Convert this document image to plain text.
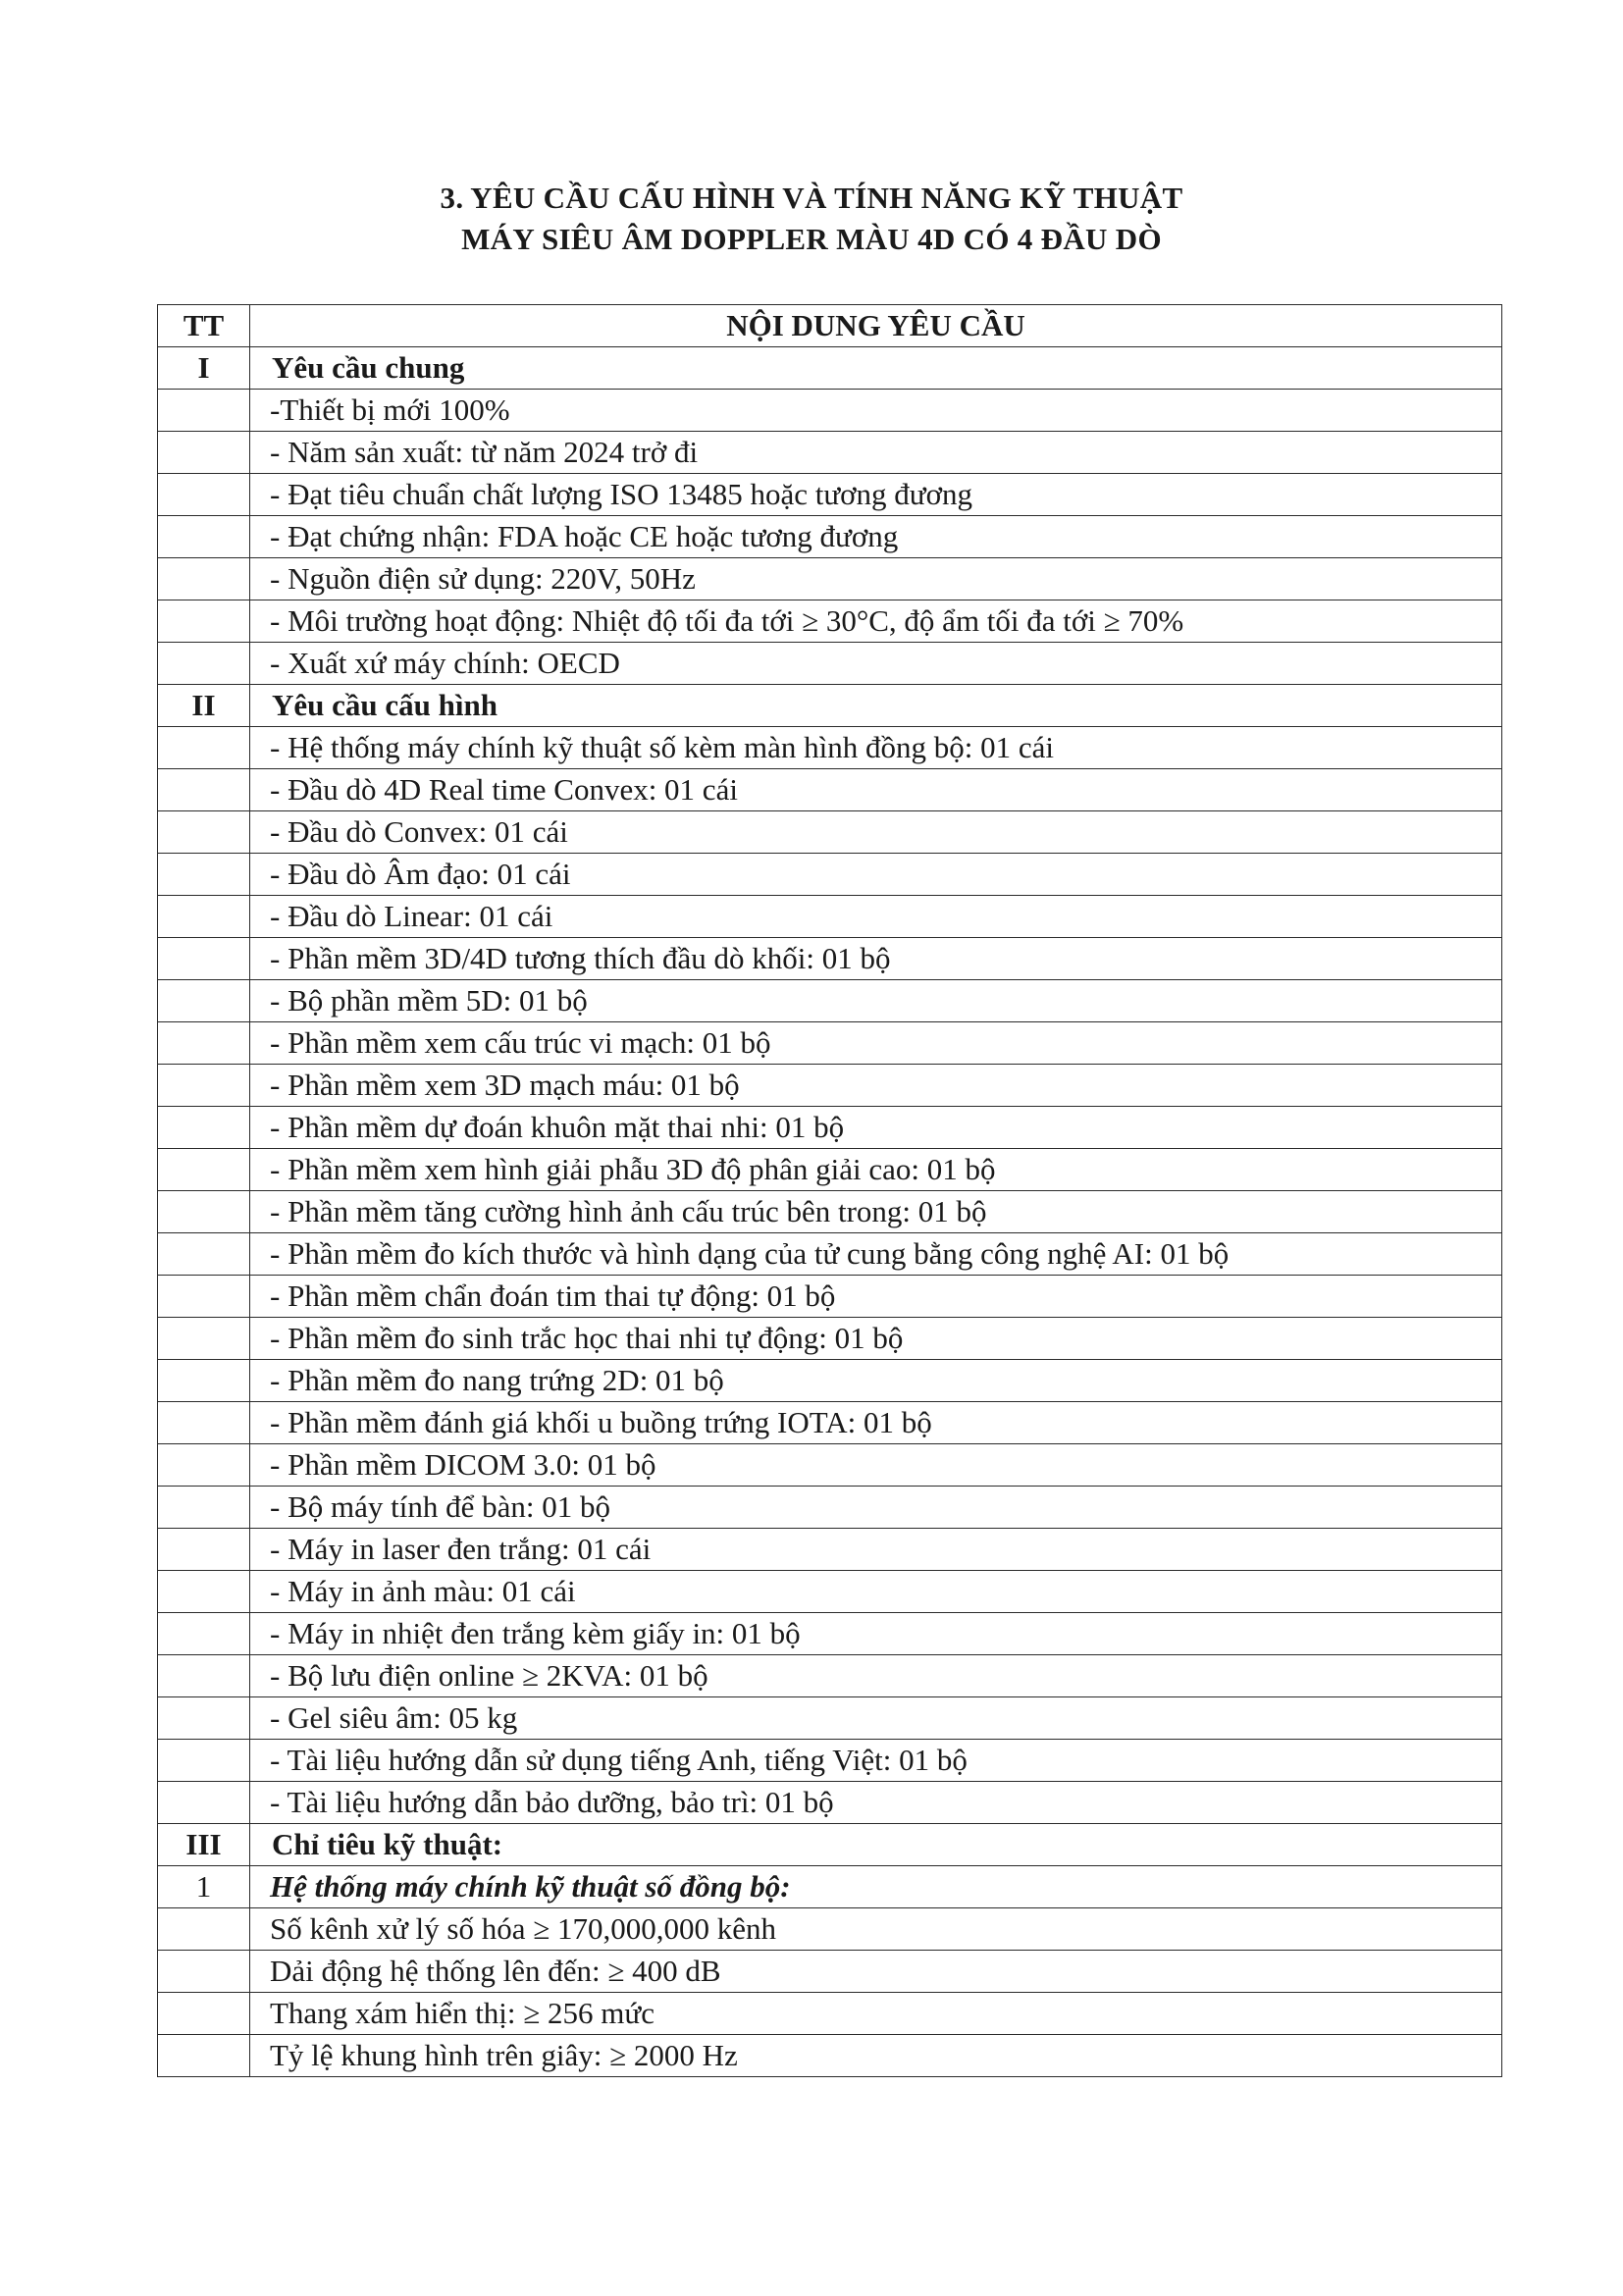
3. YÊU CẦU CẤU HÌNH VÀ TÍNH NĂNG KỸ THUẬT
MÁY SIÊU ÂM DOPPLER MÀU 4D CÓ 4 ĐẦU DÒ
TT	NỘI DUNG YÊU CẦU
I	Yêu cầu chung
	-Thiết bị mới 100%
	- Năm sản xuất: từ năm 2024 trở đi
	- Đạt tiêu chuẩn chất lượng ISO 13485 hoặc tương đương
	- Đạt chứng nhận: FDA hoặc CE hoặc tương đương
	- Nguồn điện sử dụng: 220V, 50Hz
	- Môi trường hoạt động: Nhiệt độ tối đa tới ≥ 30°C, độ ẩm tối đa tới ≥ 70%
	- Xuất xứ máy chính: OECD
II	Yêu cầu cấu hình
	- Hệ thống máy chính kỹ thuật số kèm màn hình đồng bộ: 01 cái
	- Đầu dò 4D Real time Convex: 01 cái
	- Đầu dò Convex: 01 cái
	- Đầu dò Âm đạo: 01 cái
	- Đầu dò Linear: 01 cái
	- Phần mềm 3D/4D tương thích đầu dò khối: 01 bộ
	- Bộ phần mềm 5D: 01 bộ
	- Phần mềm xem cấu trúc vi mạch: 01 bộ
	- Phần mềm xem 3D mạch máu: 01 bộ
	- Phần mềm dự đoán khuôn mặt thai nhi: 01 bộ
	- Phần mềm xem hình giải phẫu 3D độ phân giải cao: 01 bộ
	- Phần mềm tăng cường hình ảnh cấu trúc bên trong: 01 bộ
	- Phần mềm đo kích thước và hình dạng của tử cung bằng công nghệ AI: 01 bộ
	- Phần mềm chẩn đoán tim thai tự động: 01 bộ
	- Phần mềm đo sinh trắc học thai nhi tự động: 01 bộ
	- Phần mềm đo nang trứng 2D: 01 bộ
	- Phần mềm đánh giá khối u buồng trứng IOTA: 01 bộ
	- Phần mềm DICOM 3.0: 01 bộ
	- Bộ máy tính để bàn: 01 bộ
	- Máy in laser đen trắng: 01 cái
	- Máy in ảnh màu: 01 cái
	- Máy in nhiệt đen trắng kèm giấy in: 01 bộ
	- Bộ lưu điện online ≥ 2KVA: 01 bộ
	- Gel siêu âm: 05 kg
	- Tài liệu hướng dẫn sử dụng tiếng Anh, tiếng Việt: 01 bộ
	- Tài liệu hướng dẫn bảo dưỡng, bảo trì: 01 bộ
III	Chỉ tiêu kỹ thuật:
1	Hệ thống máy chính kỹ thuật số đồng bộ:
	Số kênh xử lý số hóa ≥ 170,000,000 kênh
	Dải động hệ thống lên đến: ≥ 400 dB
	Thang xám hiển thị: ≥ 256 mức
	Tỷ lệ khung hình trên giây: ≥ 2000 Hz
